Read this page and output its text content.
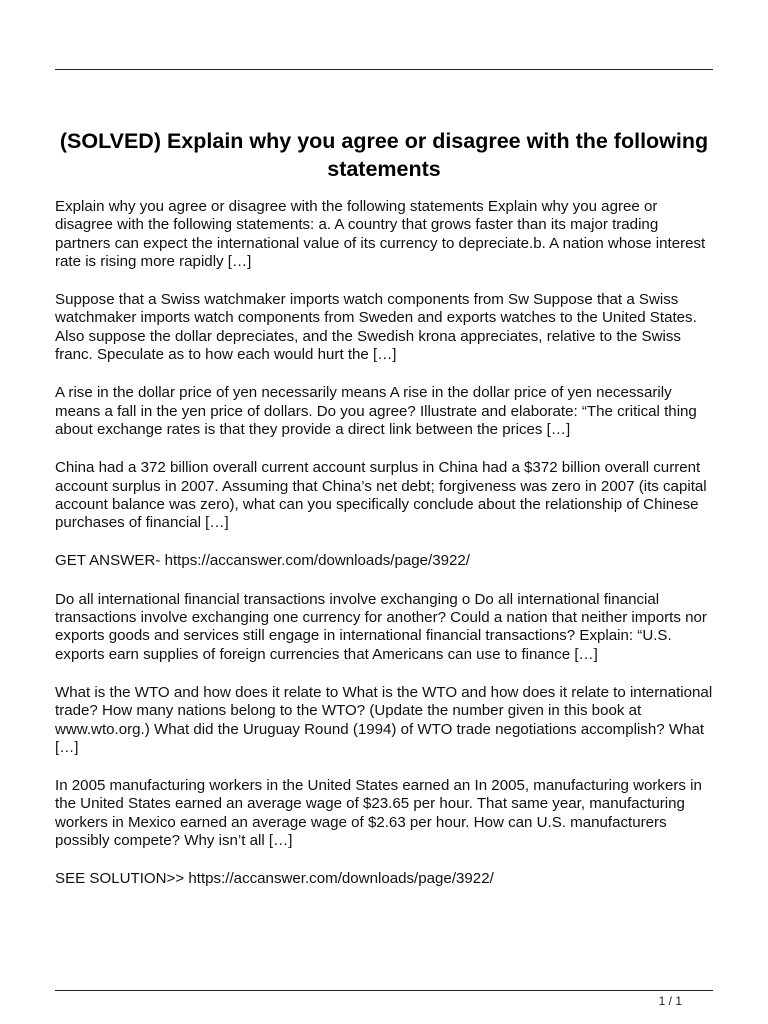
(SOLVED) Explain why you agree or disagree with the following statements

Explain why you agree or disagree with the following statements Explain why you agree or disagree with the following statements: a. A country that grows faster than its major trading partners can expect the international value of its currency to depreciate.b. A nation whose interest rate is rising more rapidly […]

Suppose that a Swiss watchmaker imports watch components from Sw Suppose that a Swiss watchmaker imports watch components from Sweden and exports watches to the United States. Also suppose the dollar depreciates, and the Swedish krona appreciates, relative to the Swiss franc. Speculate as to how each would hurt the […]

A rise in the dollar price of yen necessarily means A rise in the dollar price of yen necessarily means a fall in the yen price of dollars. Do you agree? Illustrate and elaborate: “The critical thing about exchange rates is that they provide a direct link between the prices […]

China had a 372 billion overall current account surplus in China had a $372 billion overall current account surplus in 2007. Assuming that China’s net debt; forgiveness was zero in 2007 (its capital account balance was zero), what can you specifically conclude about the relationship of Chinese purchases of financial […]

GET ANSWER- https://accanswer.com/downloads/page/3922/

Do all international financial transactions involve exchanging o Do all international financial transactions involve exchanging one currency for another? Could a nation that neither imports nor exports goods and services still engage in international financial transactions? Explain: “U.S. exports earn supplies of foreign currencies that Americans can use to finance […]

What is the WTO and how does it relate to What is the WTO and how does it relate to international trade? How many nations belong to the WTO? (Update the number given in this book at www.wto.org.) What did the Uruguay Round (1994) of WTO trade negotiations accomplish? What […]

In 2005 manufacturing workers in the United States earned an In 2005, manufacturing workers in the United States earned an average wage of $23.65 per hour. That same year, manufacturing workers in Mexico earned an average wage of $2.63 per hour. How can U.S. manufacturers possibly compete? Why isn’t all […]

SEE SOLUTION>> https://accanswer.com/downloads/page/3922/

1 / 1
